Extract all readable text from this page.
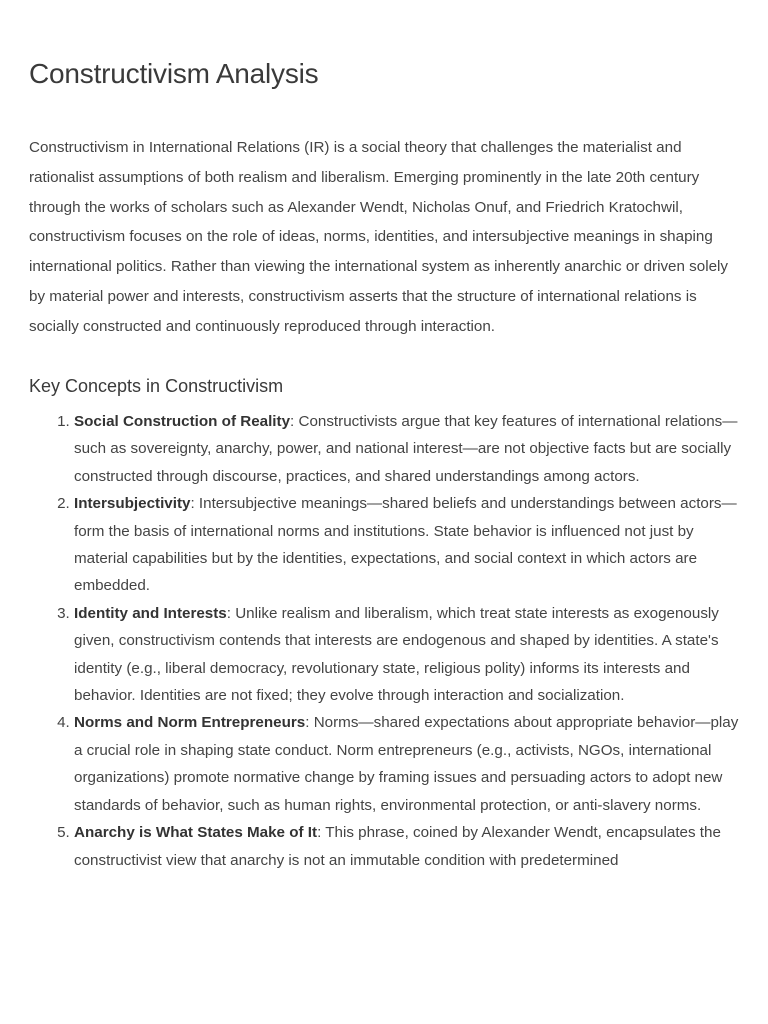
Constructivism Analysis

Constructivism in International Relations (IR) is a social theory that challenges the materialist and rationalist assumptions of both realism and liberalism. Emerging prominently in the late 20th century through the works of scholars such as Alexander Wendt, Nicholas Onuf, and Friedrich Kratochwil, constructivism focuses on the role of ideas, norms, identities, and intersubjective meanings in shaping international politics. Rather than viewing the international system as inherently anarchic or driven solely by material power and interests, constructivism asserts that the structure of international relations is socially constructed and continuously reproduced through interaction.

Key Concepts in Constructivism
1. Social Construction of Reality: Constructivists argue that key features of international relations—such as sovereignty, anarchy, power, and national interest—are not objective facts but are socially constructed through discourse, practices, and shared understandings among actors.
2. Intersubjectivity: Intersubjective meanings—shared beliefs and understandings between actors—form the basis of international norms and institutions. State behavior is influenced not just by material capabilities but by the identities, expectations, and social context in which actors are embedded.
3. Identity and Interests: Unlike realism and liberalism, which treat state interests as exogenously given, constructivism contends that interests are endogenous and shaped by identities. A state's identity (e.g., liberal democracy, revolutionary state, religious polity) informs its interests and behavior. Identities are not fixed; they evolve through interaction and socialization.
4. Norms and Norm Entrepreneurs: Norms—shared expectations about appropriate behavior—play a crucial role in shaping state conduct. Norm entrepreneurs (e.g., activists, NGOs, international organizations) promote normative change by framing issues and persuading actors to adopt new standards of behavior, such as human rights, environmental protection, or anti-slavery norms.
5. Anarchy is What States Make of It: This phrase, coined by Alexander Wendt, encapsulates the constructivist view that anarchy is not an immutable condition with predetermined
